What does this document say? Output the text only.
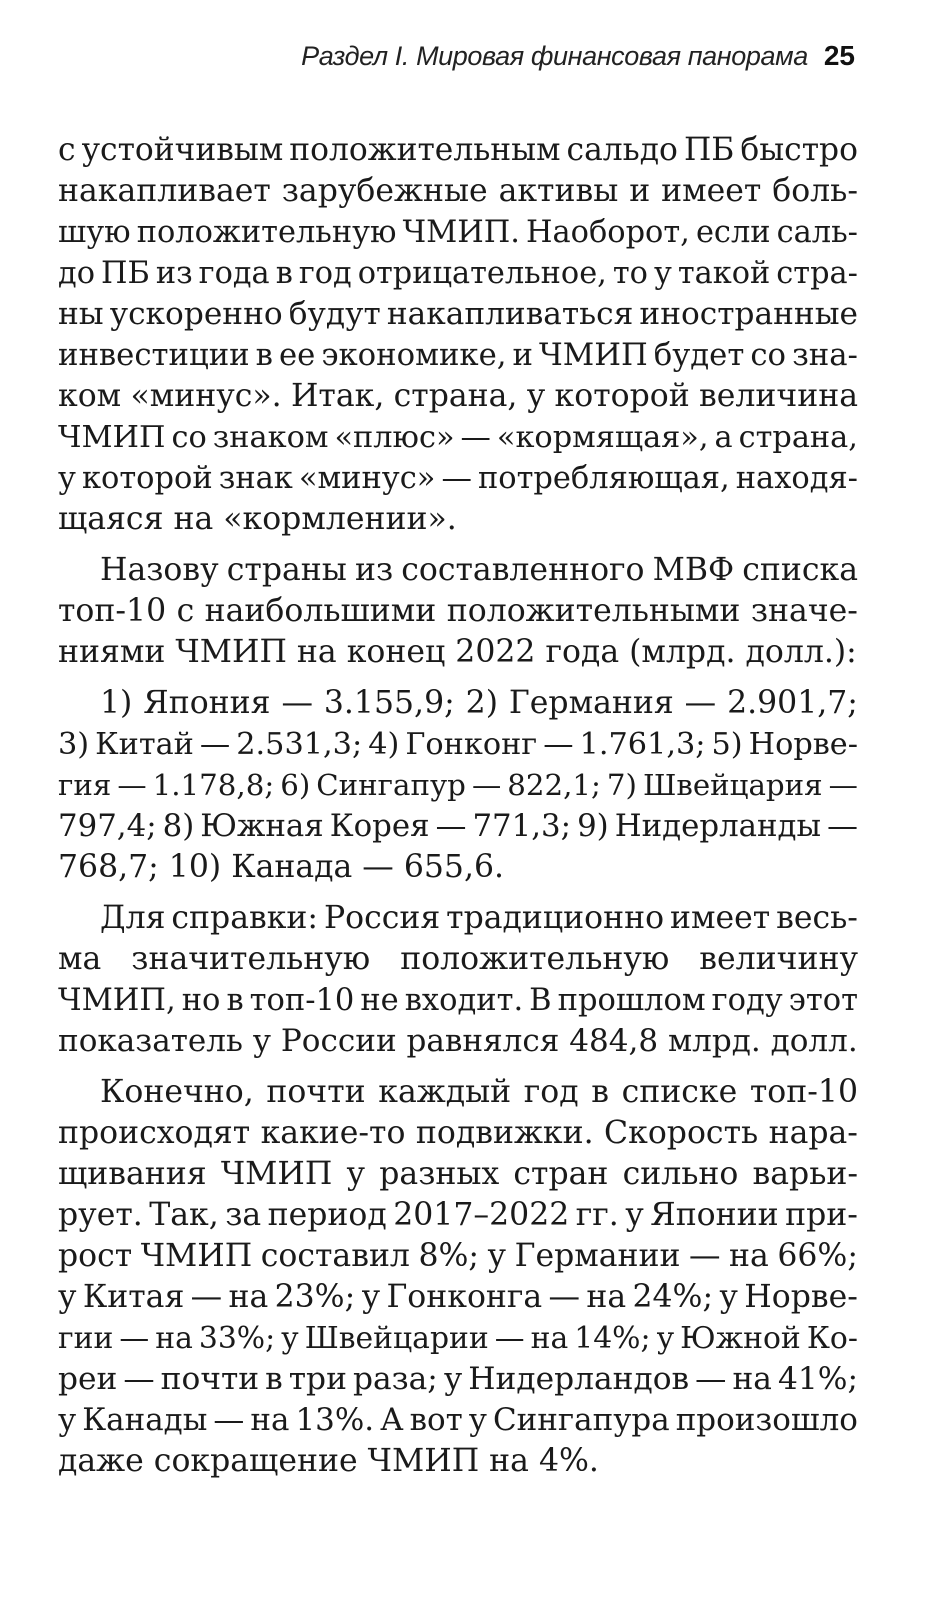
Раздел I. Мировая финансовая панорама 25
с устойчивым положительным сальдо ПБ быстро
накапливает зарубежные активы и имеет боль-
шую положительную ЧМИП. Наоборот, если саль-
до ПБ из года в год отрицательное, то у такой стра-
ны ускоренно будут накапливаться иностранные
инвестиции в ее экономике, и ЧМИП будет со зна-
ком «минус». Итак, страна, у которой величина
ЧМИП со знаком «плюс» — «кормящая», а страна,
у которой знак «минус» — потребляющая, находя-
щаяся на «кормлении».
Назову страны из составленного МВФ списка
топ-10 с наибольшими положительными значе-
ниями ЧМИП на конец 2022 года (млрд. долл.):
1) Япония — 3.155,9; 2) Германия — 2.901,7;
3) Китай — 2.531,3; 4) Гонконг — 1.761,3; 5) Норве-
гия — 1.178,8; 6) Сингапур — 822,1; 7) Швейцария —
797,4; 8) Южная Корея — 771,3; 9) Нидерланды —
768,7; 10) Канада — 655,6.
Для справки: Россия традиционно имеет весь-
ма значительную положительную величину
ЧМИП, но в топ-10 не входит. В прошлом году этот
показатель у России равнялся 484,8 млрд. долл.
Конечно, почти каждый год в списке топ-10
происходят какие-то подвижки. Скорость нара-
щивания ЧМИП у разных стран сильно варьи-
рует. Так, за период 2017–2022 гг. у Японии при-
рост ЧМИП составил 8%; у Германии — на 66%;
у Китая — на 23%; у Гонконга — на 24%; у Норве-
гии — на 33%; у Швейцарии — на 14%; у Южной Ко-
реи — почти в три раза; у Нидерландов — на 41%;
у Канады — на 13%. А вот у Сингапура произошло
даже сокращение ЧМИП на 4%.
